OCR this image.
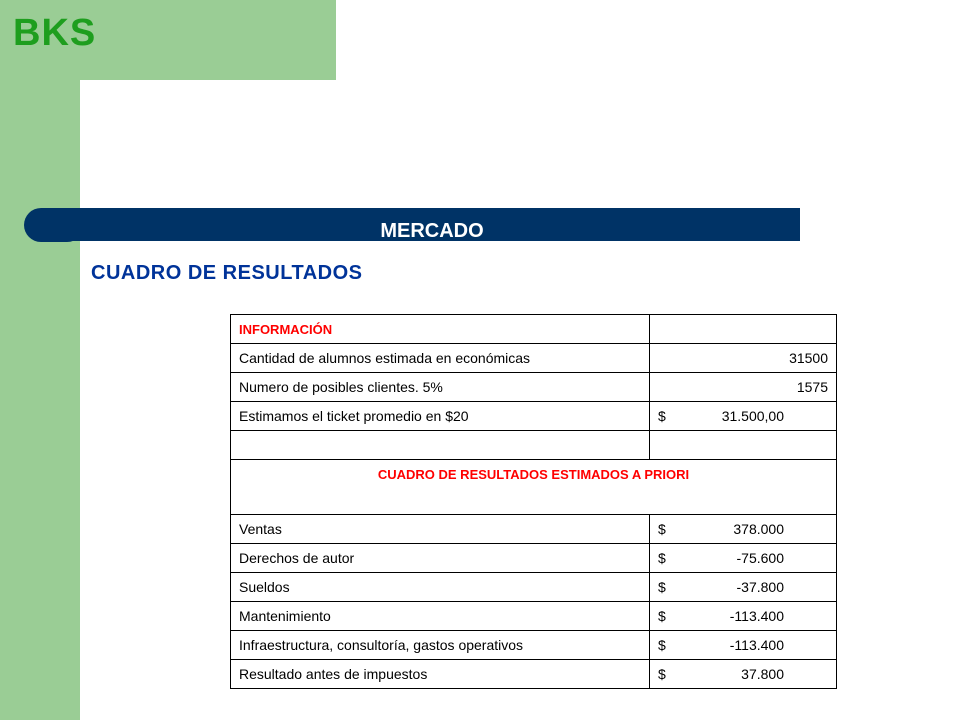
BKS
MERCADO
CUADRO DE RESULTADOS
INFORMACIÓN	
Cantidad de alumnos estimada en económicas	31500
Numero de posibles clientes. 5%	1575
Estimamos el ticket promedio en $20	$ 31.500,00

CUADRO DE RESULTADOS ESTIMADOS A PRIORI	
Ventas	$ 378.000
Derechos de autor	$ -75.600
Sueldos	$ -37.800
Mantenimiento	$ -113.400
Infraestructura, consultoría, gastos operativos	$ -113.400
Resultado antes de impuestos	$ 37.800
